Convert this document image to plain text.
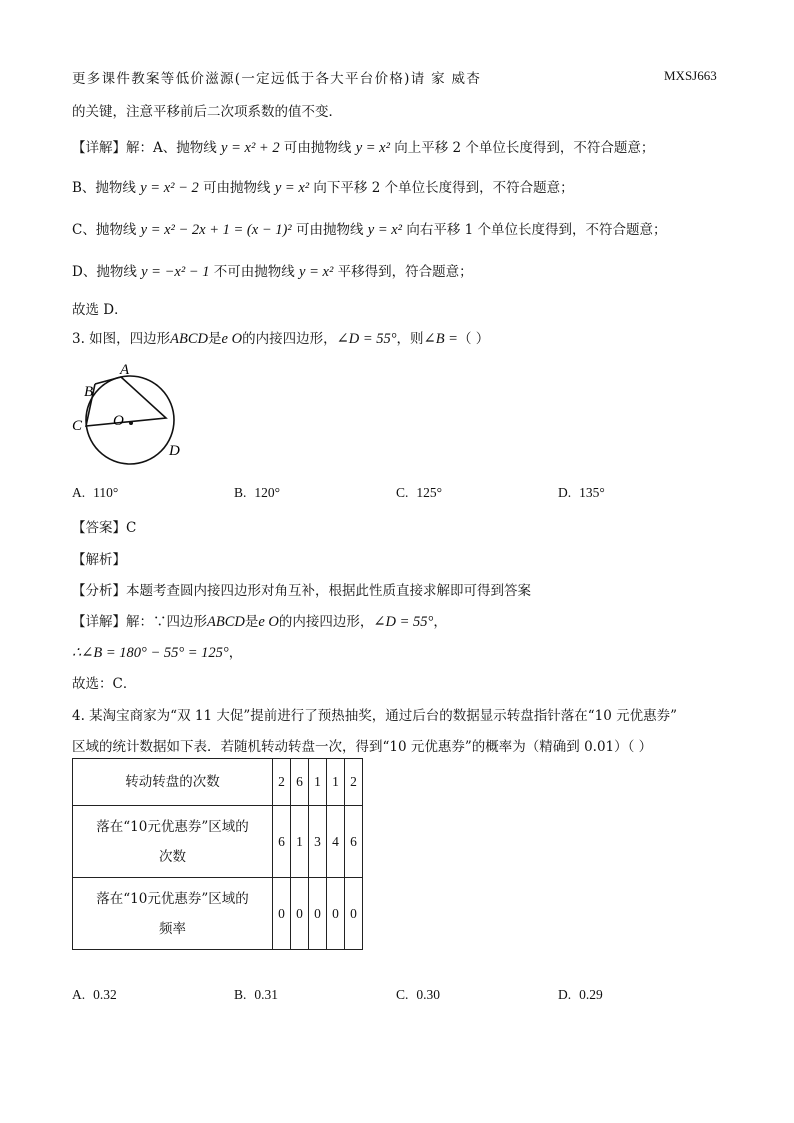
更多课件教案等低价滋源(一定远低于各大平台价格)请 家 威杏	MXSJ663
的关键，注意平移前后二次项系数的值不变．
【详解】解：A、抛物线 y = x² + 2 可由抛物线 y = x² 向上平移 2 个单位长度得到，不符合题意；
B、抛物线 y = x² − 2 可由抛物线 y = x² 向下平移 2 个单位长度得到，不符合题意；
C、抛物线 y = x² − 2x + 1 = (x − 1)² 可由抛物线 y = x² 向右平移 1 个单位长度得到，不符合题意；
D、抛物线 y = −x² − 1 不可由抛物线 y = x² 平移得到，符合题意；
故选 D．
3. 如图，四边形ABCD是e O的内接四边形，∠D = 55°，则∠B =（ ）
A
B
C O
D
A. 110°	B. 120°	C. 125°	D. 135°
【答案】C
【解析】
【分析】本题考查圆内接四边形对角互补，根据此性质直接求解即可得到答案
【详解】解：∵四边形ABCD是e O的内接四边形，∠D = 55°，
∴∠B = 180° − 55° = 125°，
故选：C．
4. 某淘宝商家为“双 11 大促”提前进行了预热抽奖，通过后台的数据显示转盘指针落在“10 元优惠券”
区域的统计数据如下表．若随机转动转盘一次，得到“10 元优惠券”的概率为（精确到 0.01）（ ）
转动转盘的次数	2	6	1	1	2
落在“10元优惠券”区域的
次数	6	1	3	4	6
落在“10元优惠券”区域的
频率	0	0	0	0	0
A. 0.32	B. 0.31	C. 0.30	D. 0.29
